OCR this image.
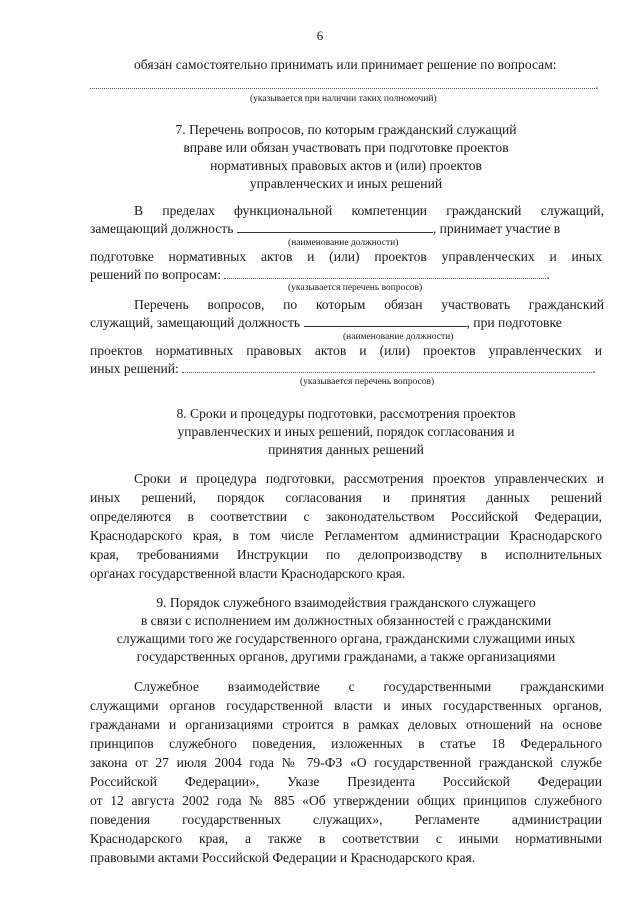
6
обязан самостоятельно принимать или принимает решение по вопросам:
.
(указывается при наличии таких полномочий)
7. Перечень вопросов, по которым гражданский служащий
вправе или обязан участвовать при подготовке проектов
нормативных правовых актов и (или) проектов
управленческих и иных решений
В пределах функциональной компетенции гражданский служащий,
замещающий должность	, принимает участие в
(наименование должности)
подготовке нормативных актов и (или) проектов управленческих и иных
решений по вопросам:	.
(указывается перечень вопросов)
Перечень вопросов, по которым обязан участвовать гражданский
служащий, замещающий должность	, при подготовке
(наименование должности)
проектов нормативных правовых актов и (или) проектов управленческих и
иных решений:	.
(указывается перечень вопросов)
8. Сроки и процедуры подготовки, рассмотрения проектов
управленческих и иных решений, порядок согласования и
принятия данных решений
Сроки и процедура подготовки, рассмотрения проектов управленческих и
иных решений, порядок согласования и принятия данных решений
определяются в соответствии с законодательством Российской Федерации,
Краснодарского края, в том числе Регламентом администрации Краснодарского
края, требованиями Инструкции по делопроизводству в исполнительных
органах государственной власти Краснодарского края.
9. Порядок служебного взаимодействия гражданского служащего
в связи с исполнением им должностных обязанностей с гражданскими
служащими того же государственного органа, гражданскими служащими иных
государственных органов, другими гражданами, а также организациями
Служебное взаимодействие с государственными гражданскими
служащими органов государственной власти и иных государственных органов,
гражданами и организациями строится в рамках деловых отношений на основе
принципов служебного поведения, изложенных в статье 18 Федерального
закона от 27 июля 2004 года № 79-ФЗ «О государственной гражданской службе
Российской Федерации», Указе Президента Российской Федерации
от 12 августа 2002 года № 885 «Об утверждении общих принципов служебного
поведения государственных служащих», Регламенте администрации
Краснодарского края, а также в соответствии с иными нормативными
правовыми актами Российской Федерации и Краснодарского края.
